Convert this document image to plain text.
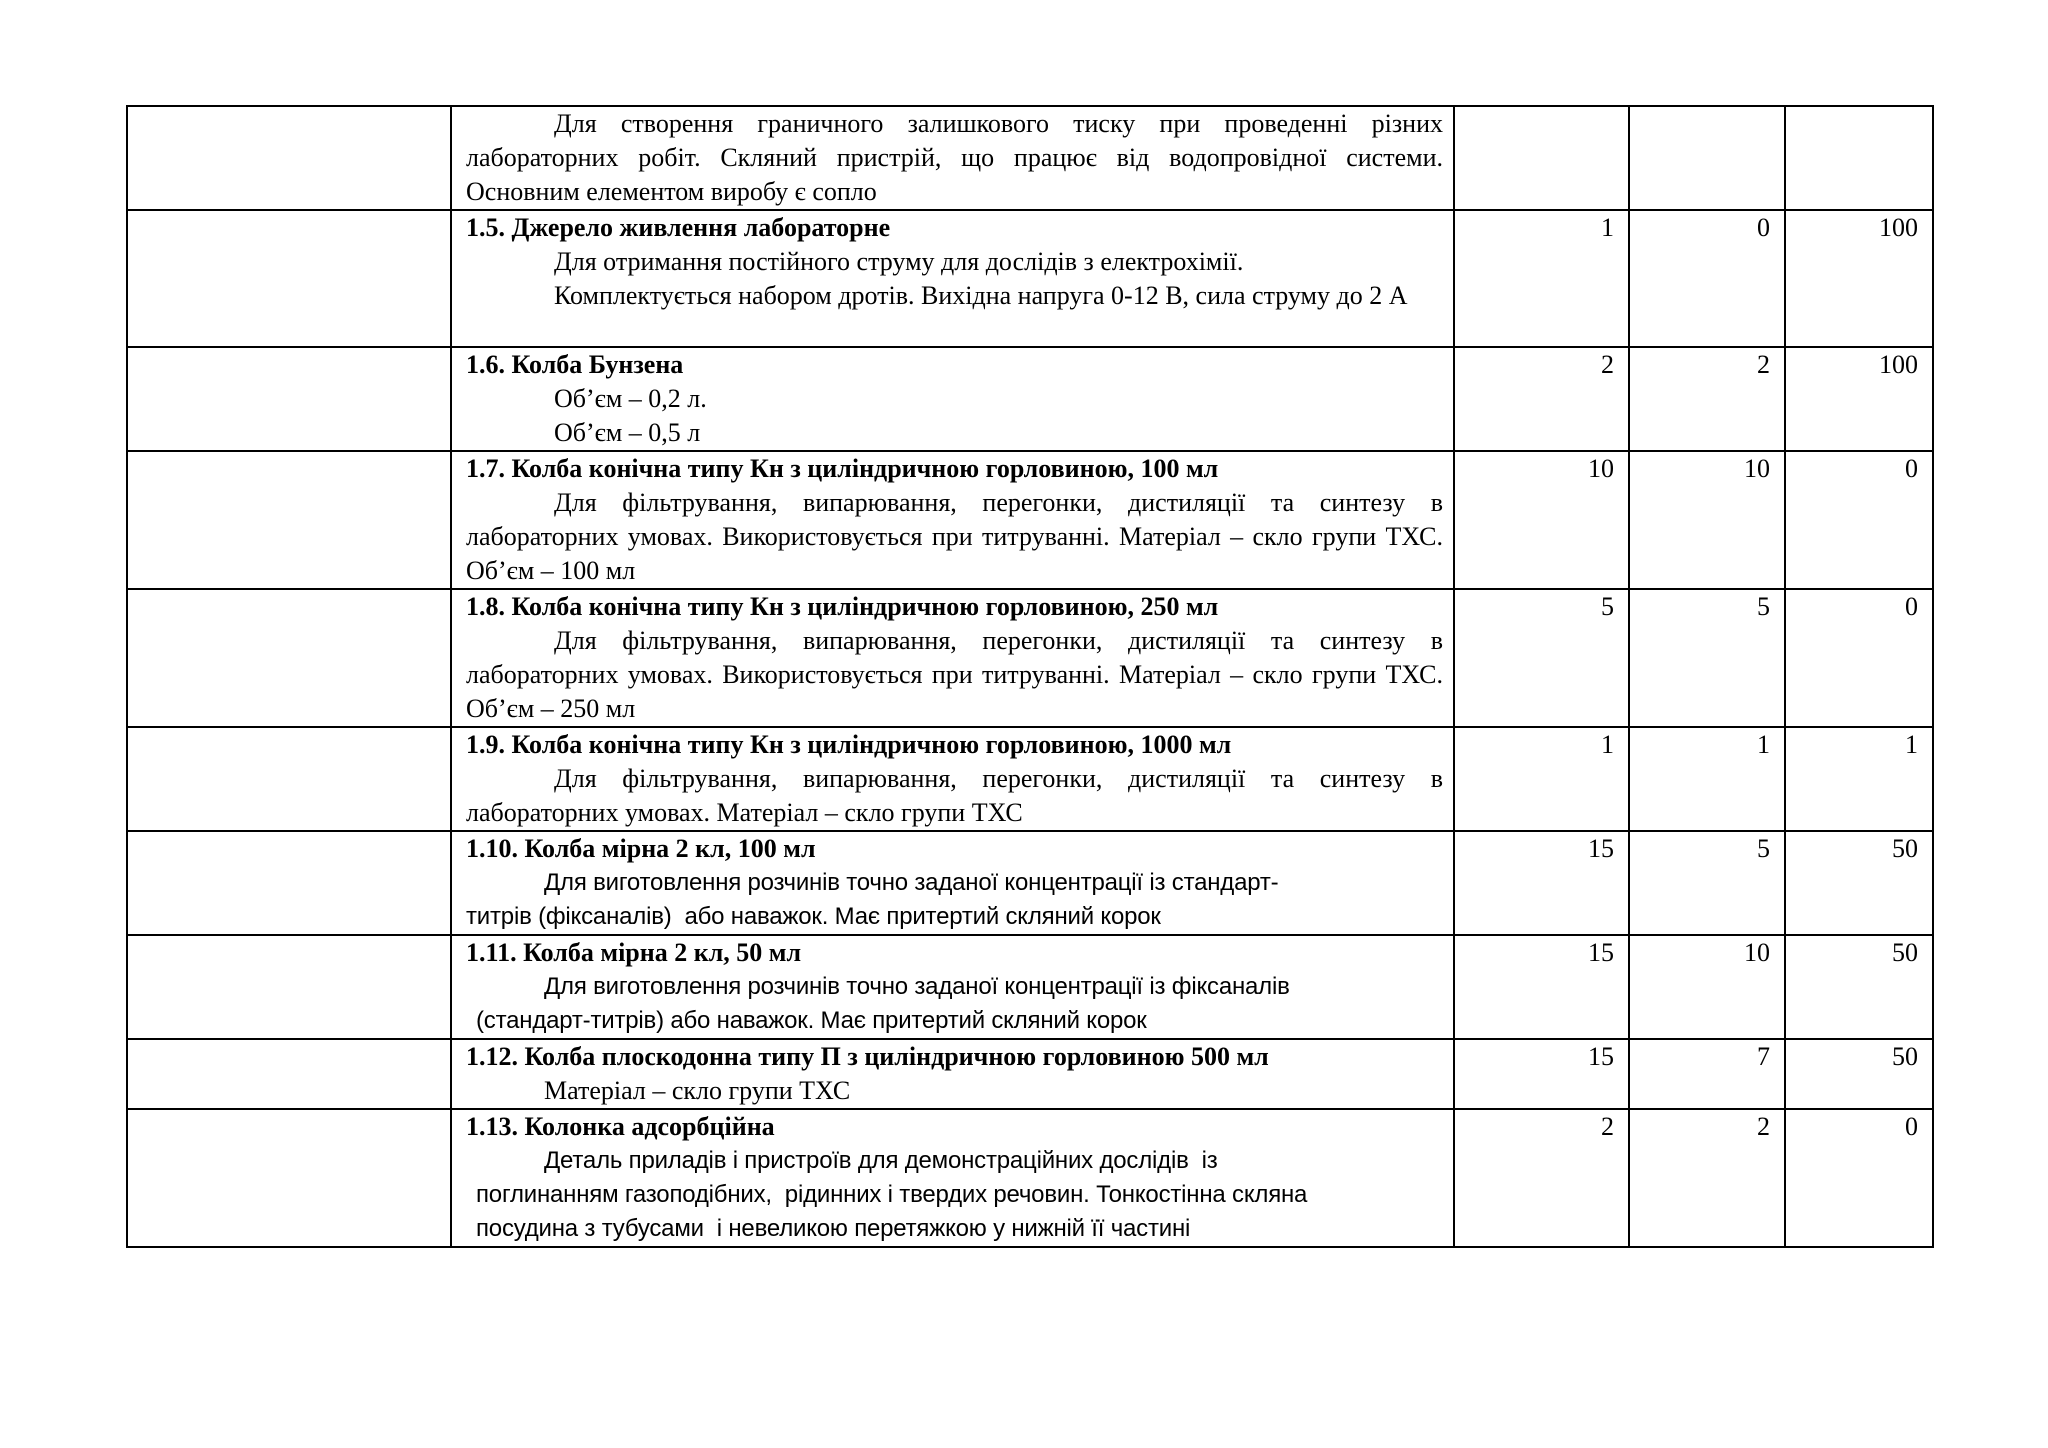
	Для створення граничного залишкового тиску при проведенні різних лабораторних робіт. Скляний пристрій, що працює від водопровідної системи. Основним елементом виробу є сопло			

	1.5. Джерело живлення лабораторне
Для отримання постійного струму для дослідів з електрохімії.
Комплектується набором дротів. Вихідна напруга 0-12 В, сила струму до 2 А	1	0	100

	1.6. Колба Бунзена
Об’єм – 0,2 л.
Об’єм – 0,5 л	2	2	100

	1.7. Колба конічна типу Кн з циліндричною горловиною, 100 мл
Для фільтрування, випарювання, перегонки, дистиляції та синтезу в лабораторних умовах. Використовується при титруванні. Матеріал – скло групи ТХС. Об’єм – 100 мл	10	10	0

	1.8. Колба конічна типу Кн з циліндричною горловиною, 250 мл
Для фільтрування, випарювання, перегонки, дистиляції та синтезу в лабораторних умовах. Використовується при титруванні. Матеріал – скло групи ТХС. Об’єм – 250 мл	5	5	0

	1.9. Колба конічна типу Кн з циліндричною горловиною, 1000 мл
Для фільтрування, випарювання, перегонки, дистиляції та синтезу в лабораторних умовах. Матеріал – скло групи ТХС	1	1	1

	1.10. Колба мірна 2 кл, 100 мл
Для виготовлення розчинів точно заданої концентрації із стандарт-
титрів (фіксаналів)  або наважок. Має притертий скляний корок	15	5	50

	1.11. Колба мірна 2 кл, 50 мл
Для виготовлення розчинів точно заданої концентрації із фіксаналів
(стандарт-титрів) або наважок. Має притертий скляний корок	15	10	50

	1.12. Колба плоскодонна типу П з циліндричною горловиною 500 мл
Матеріал – скло групи ТХС	15	7	50

	1.13. Колонка адсорбційна
Деталь приладів і пристроїв для демонстраційних дослідів  із
поглинанням газоподібних,  рідинних і твердих речовин. Тонкостінна скляна
посудина з тубусами  і невеликою перетяжкою у нижній її частині	2	2	0
